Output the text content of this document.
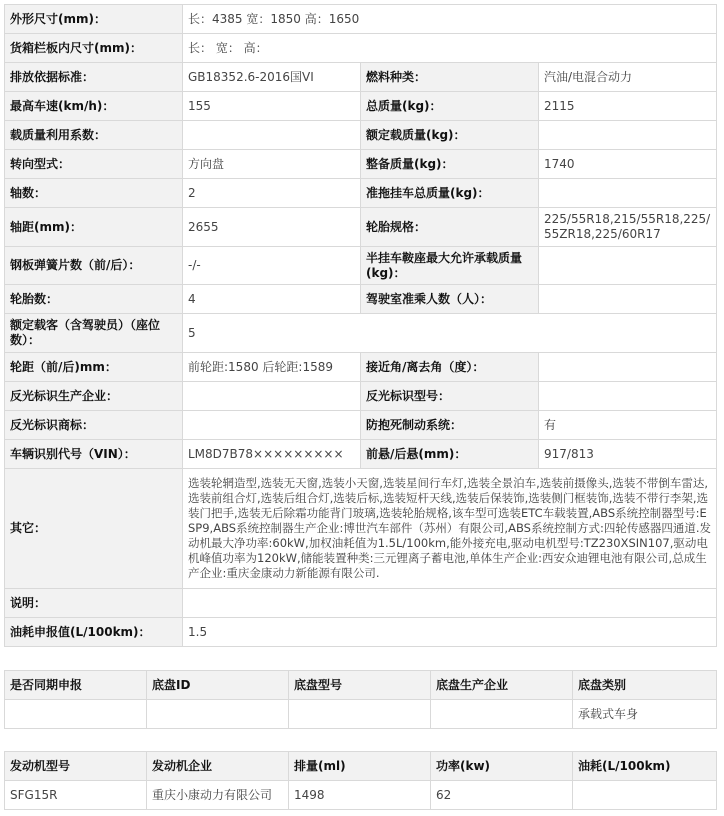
外形尺寸(mm)：	长：4385 宽：1850 高：1650		
货箱栏板内尺寸(mm)：	长： 宽： 高：		
排放依据标准：	GB18352.6-2016国VI	燃料种类：	汽油/电混合动力
最高车速(km/h)：	155	总质量(kg)：	2115
载质量利用系数：		额定载质量(kg)：	
转向型式：	方向盘	整备质量(kg)：	1740
轴数：	2	准拖挂车总质量(kg)：	
轴距(mm)：	2655	轮胎规格：	225/55R18,215/55R18,225/55ZR18,225/60R17
钢板弹簧片数（前/后）：	-/-	半挂车鞍座最大允许承载质量(kg)：	
轮胎数：	4	驾驶室准乘人数（人）：	
额定载客（含驾驶员）（座位数）：	5		
轮距（前/后)mm：	前轮距:1580 后轮距:1589	接近角/离去角（度）：	
反光标识生产企业：		反光标识型号：	
反光标识商标：		防抱死制动系统：	有
车辆识别代号（VIN）：	LM8D7B78×××××××××	前悬/后悬(mm)：	917/813
其它：	选装轮辋造型,选装无天窗,选装小天窗,选装星间行车灯,选装全景泊车,选装前摄像头,选装不带倒车雷达,选装前组合灯,选装后组合灯,选装后标,选装短杆天线,选装后保装饰,选装侧门框装饰,选装不带行李架,选装门把手,选装无后除霜功能背门玻璃,选装轮胎规格,该车型可选装ETC车载装置,ABS系统控制器型号:ESP9,ABS系统控制器生产企业:博世汽车部件（苏州）有限公司,ABS系统控制方式:四轮传感器四通道.发动机最大净功率:60kW,加权油耗值为1.5L/100km,能外接充电,驱动电机型号:TZ230XSIN107,驱动电机峰值功率为120kW,储能装置种类:三元锂离子蓄电池,单体生产企业:西安众迪锂电池有限公司,总成生产企业:重庆金康动力新能源有限公司.		
说明：			
油耗申报值(L/100km)：	1.5		
是否同期申报	底盘ID	底盘型号	底盘生产企业	底盘类别
				承载式车身
发动机型号	发动机企业	排量(ml)	功率(kw)	油耗(L/100km)
SFG15R	重庆小康动力有限公司	1498	62	
